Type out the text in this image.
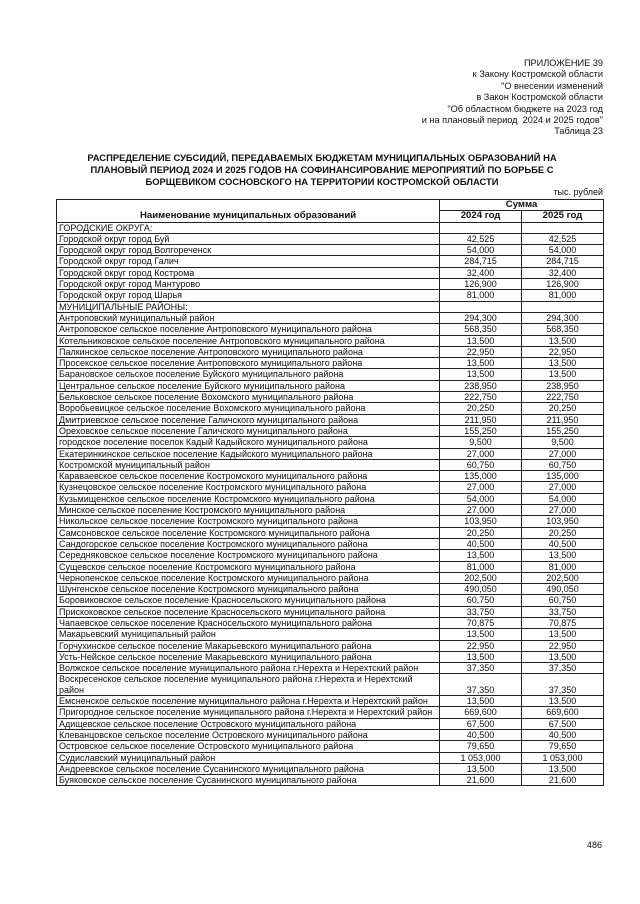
ПРИЛОЖЕНИЕ 39
к Закону Костромской области
"О внесении изменений
в Закон Костромской области
"Об областном бюджете на 2023 год
и на плановый период  2024 и 2025 годов"
Таблица 23
РАСПРЕДЕЛЕНИЕ СУБСИДИЙ, ПЕРЕДАВАЕМЫХ БЮДЖЕТАМ МУНИЦИПАЛЬНЫХ ОБРАЗОВАНИЙ НА ПЛАНОВЫЙ ПЕРИОД 2024 И 2025 ГОДОВ НА СОФИНАНСИРОВАНИЕ МЕРОПРИЯТИЙ ПО БОРЬБЕ С БОРЩЕВИКОМ СОСНОВСКОГО НА ТЕРРИТОРИИ КОСТРОМСКОЙ ОБЛАСТИ
тыс. рублей
Наименование муниципальных образований	Сумма	
	2024 год	2025 год
ГОРОДСКИЕ ОКРУГА:		
Городской округ город Буй	42,525	42,525
Городской округ город Волгореченск	54,000	54,000
Городской округ город Галич	284,715	284,715
Городской округ город Кострома	32,400	32,400
Городской округ город Мантурово	126,900	126,900
Городской округ город Шарья	81,000	81,000
МУНИЦИПАЛЬНЫЕ РАЙОНЫ:		
Антроповский муниципальный район	294,300	294,300
Антроповское сельское поселение Антроповского муниципального района	568,350	568,350
Котельниковское сельское поселение Антроповского муниципального района	13,500	13,500
Палкинское сельское поселение Антроповского муниципального района	22,950	22,950
Просекское сельское поселение Антроповского муниципального района	13,500	13,500
Барановское сельское поселение Буйского муниципального района	13,500	13,500
Центральное сельское поселение Буйского муниципального района	238,950	238,950
Бельковское сельское поселение Вохомского муниципального района	222,750	222,750
Воробьевицкое сельское поселение Вохомского муниципального района	20,250	20,250
Дмитриевское сельское поселение Галичского муниципального района	211,950	211,950
Ореховское сельское поселение Галичского муниципального района	155,250	155,250
городское поселение поселок Кадый Кадыйского муниципального района	9,500	9,500
Екатеринкинское сельское поселение Кадыйского муниципального района	27,000	27,000
Костромской муниципальный район	60,750	60,750
Караваевское сельское поселение Костромского муниципального района	135,000	135,000
Кузнецовское сельское поселение Костромского муниципального района	27,000	27,000
Кузьмищенское сельское поселение Костромского муниципального района	54,000	54,000
Минское сельское поселение Костромского муниципального района	27,000	27,000
Никольское сельское поселение Костромского муниципального района	103,950	103,950
Самсоновское сельское поселение Костромского муниципального района	20,250	20,250
Сандогорское сельское поселение Костромского муниципального района	40,500	40,500
Середняковское сельское поселение Костромского муниципального района	13,500	13,500
Сущевское сельское поселение Костромского муниципального района	81,000	81,000
Чернопенское сельское поселение Костромского муниципального района	202,500	202,500
Шунгенское сельское поселение Костромского муниципального района	490,050	490,050
Боровиковское сельское поселение Красносельского муниципального района	60,750	60,750
Прискоковское сельское поселение Красносельского муниципального района	33,750	33,750
Чапаевское сельское поселение Красносельского муниципального района	70,875	70,875
Макарьевский муниципальный район	13,500	13,500
Горчухинское сельское поселение Макарьевского муниципального района	22,950	22,950
Усть-Нейское сельское поселение Макарьевского муниципального района	13,500	13,500
Волжское сельское поселение муниципального района г.Нерехта и Нерехтский район	37,350	37,350
Воскресенское сельское поселение муниципального района г.Нерехта и Нерехтский район	37,350	37,350
Емсненское сельское поселение муниципального района г.Нерехта и Нерехтский район	13,500	13,500
Пригородное сельское поселение муниципального района г.Нерехта и Нерехтский район	669,600	669,600
Адищевское сельское поселение Островского муниципального района	67,500	67,500
Клеванцовское сельское поселение Островского муниципального района	40,500	40,500
Островское сельское поселение Островского муниципального района	79,650	79,650
Судиславский муниципальный район	1 053,000	1 053,000
Андреевское сельское поселение Сусанинского муниципального района	13,500	13,500
Буяковское сельское поселение Сусанинского муниципального района	21,600	21,600
486
